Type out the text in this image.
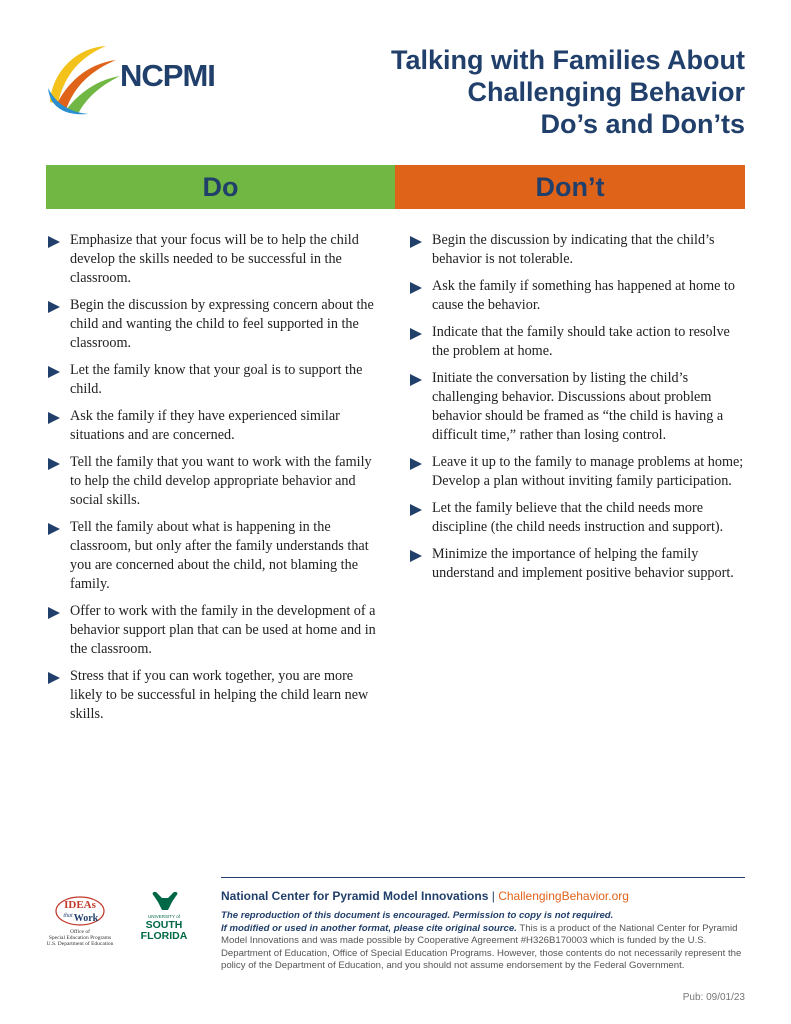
NCPMI	Talking with Families About
Challenging Behavior
Do’s and Don’ts
Do	Don’t
Emphasize that your focus will be to help the child develop the skills needed to be successful in the classroom.
Begin the discussion by expressing concern about the child and wanting the child to feel supported in the classroom.
Let the family know that your goal is to support the child.
Ask the family if they have experienced similar situations and are concerned.
Tell the family that you want to work with the family to help the child develop appropriate behavior and social skills.
Tell the family about what is happening in the classroom, but only after the family understands that you are concerned about the child, not blaming the family.
Offer to work with the family in the development of a behavior support plan that can be used at home and in the classroom.
Stress that if you can work together, you are more likely to be successful in helping the child learn new skills.
Begin the discussion by indicating that the child’s behavior is not tolerable.
Ask the family if something has happened at home to cause the behavior.
Indicate that the family should take action to resolve the problem at home.
Initiate the conversation by listing the child’s challenging behavior. Discussions about problem behavior should be framed as “the child is having a difficult time,” rather than losing control.
Leave it up to the family to manage problems at home; Develop a plan without inviting family participation.
Let the family believe that the child needs more discipline (the child needs instruction and support).
Minimize the importance of helping the family understand and implement positive behavior support.
IDEAs
that Work
Office of
Special Education Programs
U.S. Department of Education
UNIVERSITY of
SOUTH
FLORIDA
National Center for Pyramid Model Innovations | ChallengingBehavior.org
The reproduction of this document is encouraged. Permission to copy is not required.
If modified or used in another format, please cite original source. This is a product of the National Center for Pyramid Model Innovations and was made possible by Cooperative Agreement #H326B170003 which is funded by the U.S. Department of Education, Office of Special Education Programs. However, those contents do not necessarily represent the policy of the Department of Education, and you should not assume endorsement by the Federal Government.
Pub: 09/01/23
